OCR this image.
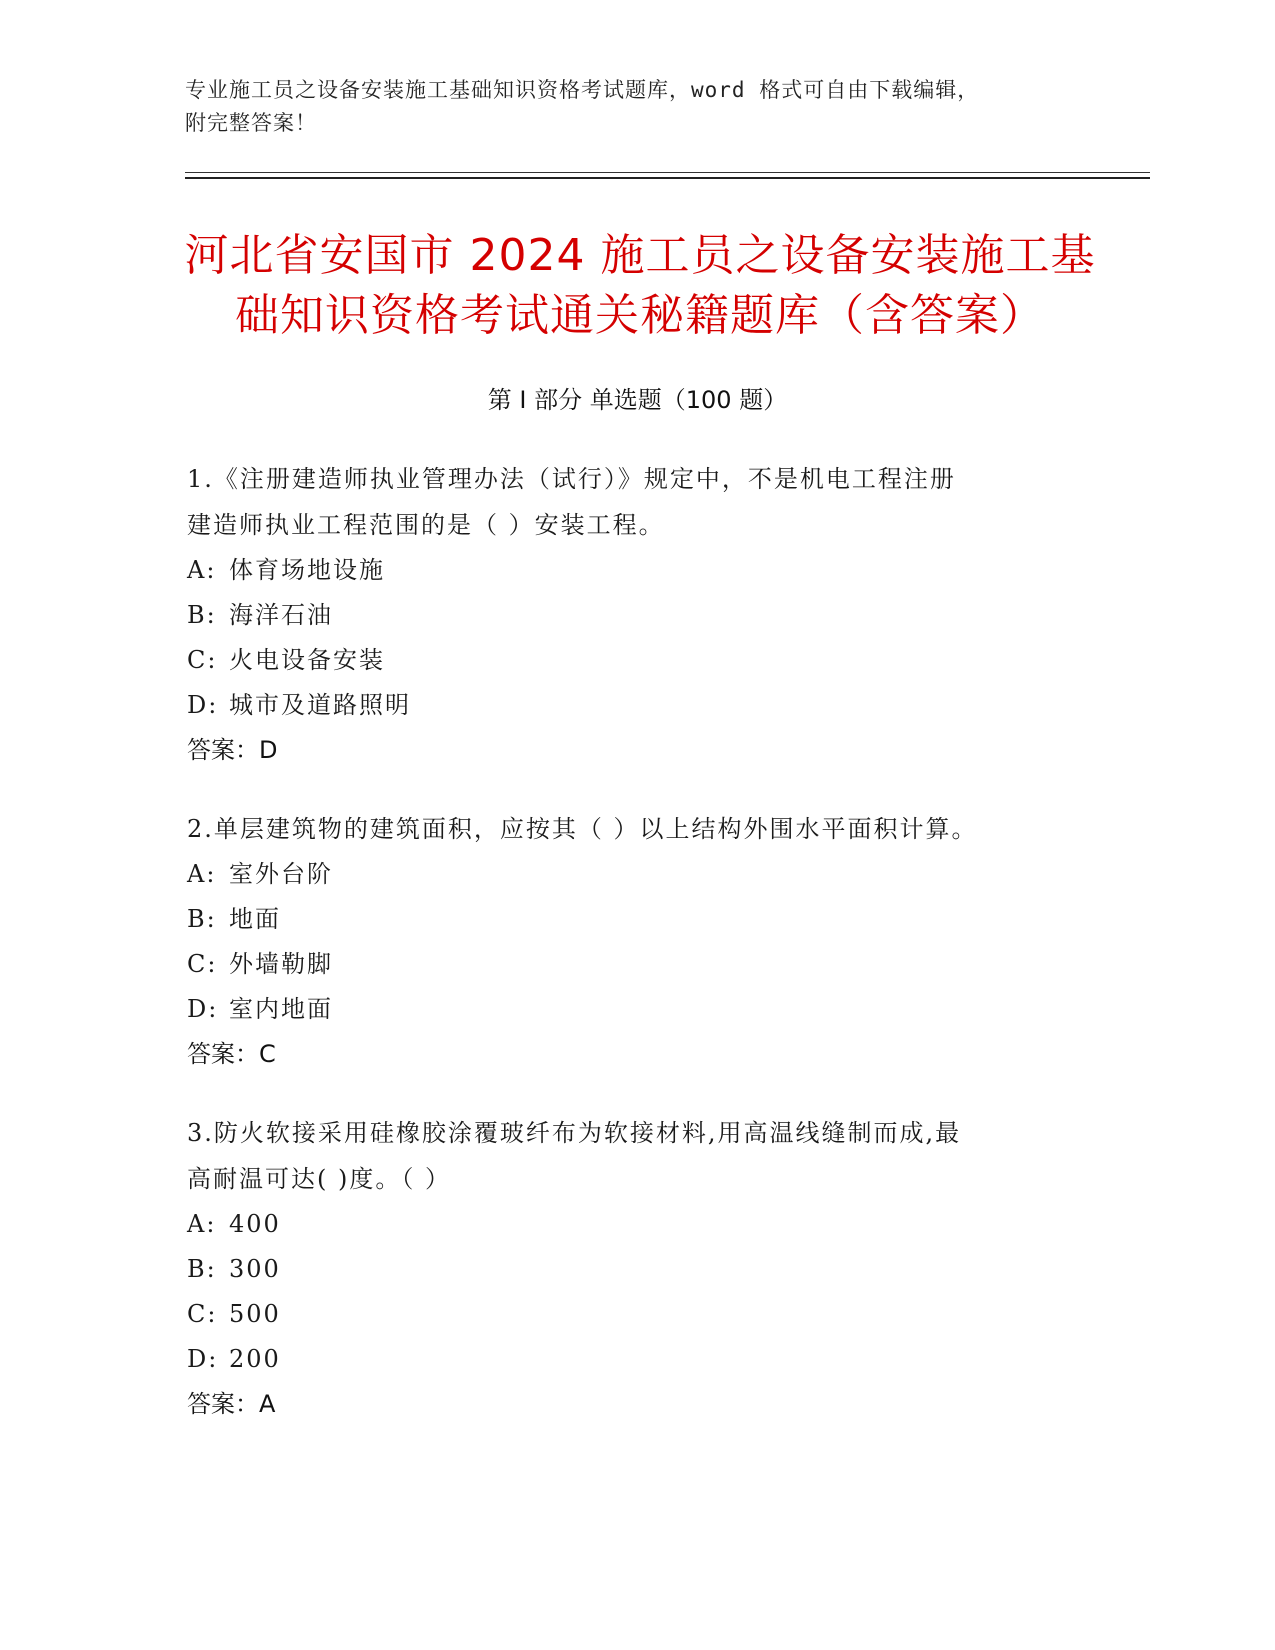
专业施工员之设备安装施工基础知识资格考试题库，word 格式可自由下载编辑，
附完整答案！
河北省安国市 2024 施工员之设备安装施工基
础知识资格考试通关秘籍题库（含答案）
第 I 部分 单选题（100 题）

1.《注册建造师执业管理办法（试行）》规定中，不是机电工程注册

建造师执业工程范围的是（ ）安装工程。

A: 体育场地设施

B: 海洋石油

C: 火电设备安装

D: 城市及道路照明

答案：D

2.单层建筑物的建筑面积，应按其（ ）以上结构外围水平面积计算。

A: 室外台阶

B: 地面

C: 外墙勒脚

D: 室内地面

答案：C

3.防火软接采用硅橡胶涂覆玻纤布为软接材料,用高温线缝制而成,最

高耐温可达( )度。（ ）

A: 400

B: 300

C: 500

D: 200

答案：A
